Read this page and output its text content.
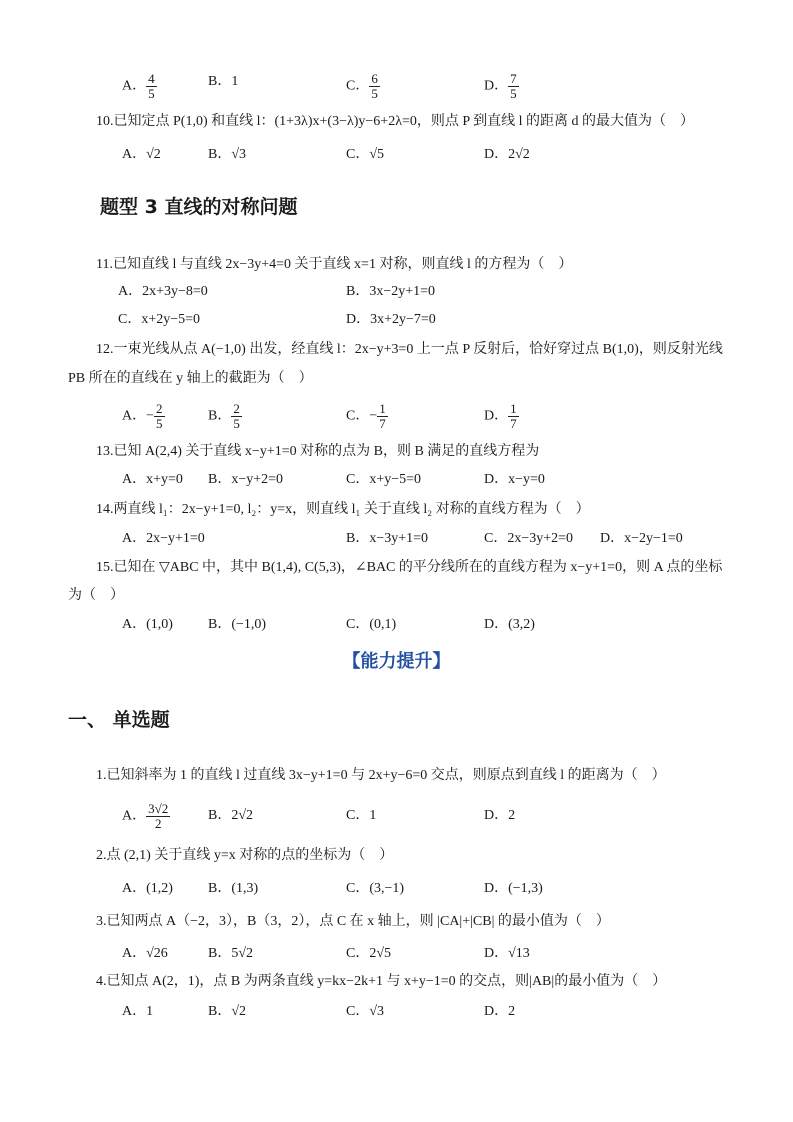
A． $\frac{4}{5}$	B．1	C． $\frac{6}{5}$	D． $\frac{7}{5}$
10.已知定点 P(1,0) 和直线 l：(1+3λ)x+(3−λ)y−6+2λ=0，则点 P 到直线 l 的距离 d 的最大值为（　）
A．√2	B．√3	C．√5	D．2√2
题型 3 直线的对称问题
11.已知直线 l 与直线 2x−3y+4=0 关于直线 x=1 对称，则直线 l 的方程为（　）
A．2x+3y−8=0	B．3x−2y+1=0
C．x+2y−5=0	D．3x+2y−7=0
12.一束光线从点 A(−1,0) 出发，经直线 l：2x−y+3=0 上一点 P 反射后，恰好穿过点 B(1,0)，则反射光线
PB 所在的直线在 y 轴上的截距为（　）
A．− $\frac{2}{5}$	B． $\frac{2}{5}$	C．− $\frac{1}{7}$	D． $\frac{1}{7}$
13.已知 A(2,4) 关于直线 x−y+1=0 对称的点为 B，则 B 满足的直线方程为
A．x+y=0 B．x−y+2=0	C．x+y−5=0	D．x−y=0
14.两直线 l₁：2x−y+1=0, l₂：y=x，则直线 l₁ 关于直线 l₂ 对称的直线方程为（　）
A．2x−y+1=0	B．x−3y+1=0	C．2x−3y+2=0 D．x−2y−1=0
15.已知在 ▽ABC 中，其中 B(1,4), C(5,3)，∠BAC 的平分线所在的直线方程为 x−y+1=0，则 A 点的坐标
为（　）
A．(1,0)	B．(−1,0)	C．(0,1)	D．(3,2)
【能力提升】
一、 单选题
1.已知斜率为 1 的直线 l 过直线 3x−y+1=0 与 2x+y−6=0 交点，则原点到直线 l 的距离为（　）
A． $\frac{3√2}{2}$	B．2√2	C．1	D．2
2.点 (2,1) 关于直线 y=x 对称的点的坐标为（　）
A．(1,2)	B．(1,3)	C．(3,−1)	D．(−1,3)
3.已知两点 A（−2，3），B（3，2），点 C 在 x 轴上，则 |CA|+|CB| 的最小值为（　）
A．√26	B．5√2	C．2√5	D．√13
4.已知点 A(2，1)，点 B 为两条直线 y=kx−2k+1 与 x+y−1=0 的交点，则|AB|的最小值为（　）
A．1	B．√2	C．√3	D．2
